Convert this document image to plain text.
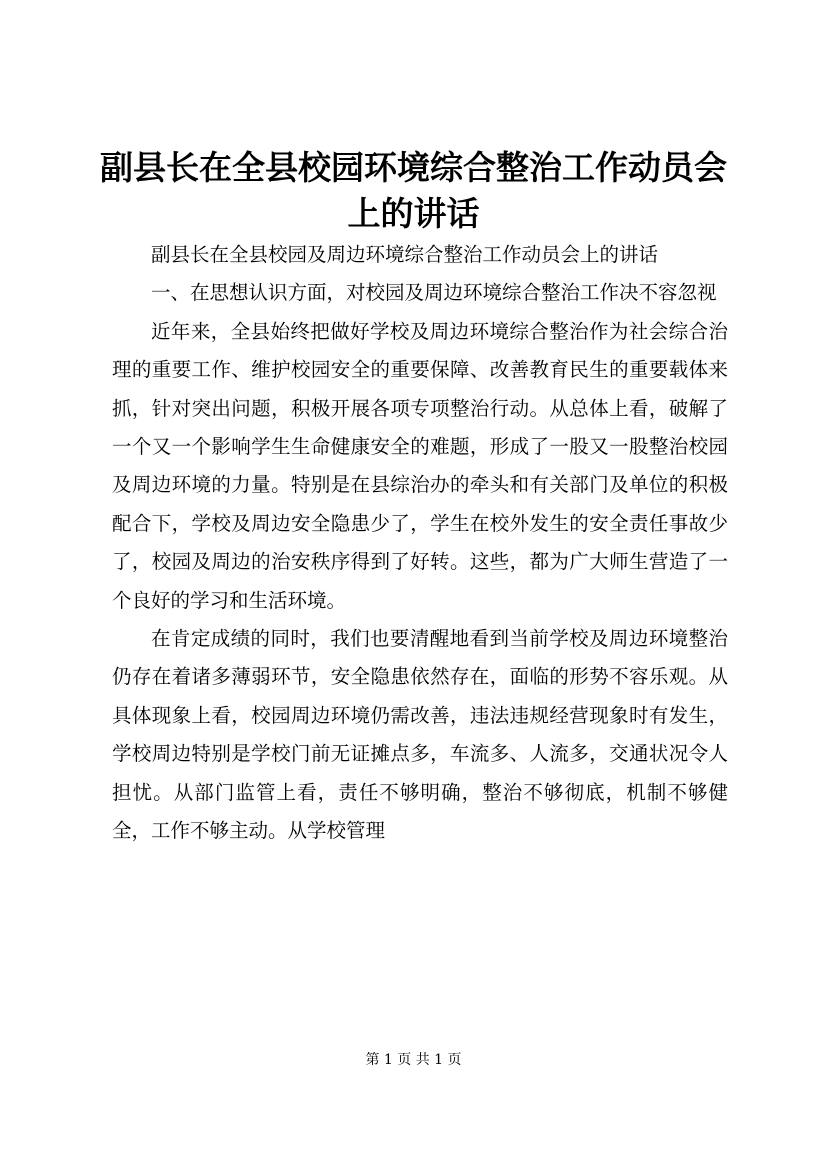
副县长在全县校园环境综合整治工作动员会上的讲话

副县长在全县校园及周边环境综合整治工作动员会上的讲话

一、在思想认识方面，对校园及周边环境综合整治工作决不容忽视

近年来，全县始终把做好学校及周边环境综合整治作为社会综合治理的重要工作、维护校园安全的重要保障、改善教育民生的重要载体来抓，针对突出问题，积极开展各项专项整治行动。从总体上看，破解了一个又一个影响学生生命健康安全的难题，形成了一股又一股整治校园及周边环境的力量。特别是在县综治办的牵头和有关部门及单位的积极配合下，学校及周边安全隐患少了，学生在校外发生的安全责任事故少了，校园及周边的治安秩序得到了好转。这些，都为广大师生营造了一个良好的学习和生活环境。

在肯定成绩的同时，我们也要清醒地看到当前学校及周边环境整治仍存在着诸多薄弱环节，安全隐患依然存在，面临的形势不容乐观。从具体现象上看，校园周边环境仍需改善，违法违规经营现象时有发生，学校周边特别是学校门前无证摊点多，车流多、人流多，交通状况令人担忧。从部门监管上看，责任不够明确，整治不够彻底，机制不够健全，工作不够主动。从学校管理

第 1 页 共 1 页
